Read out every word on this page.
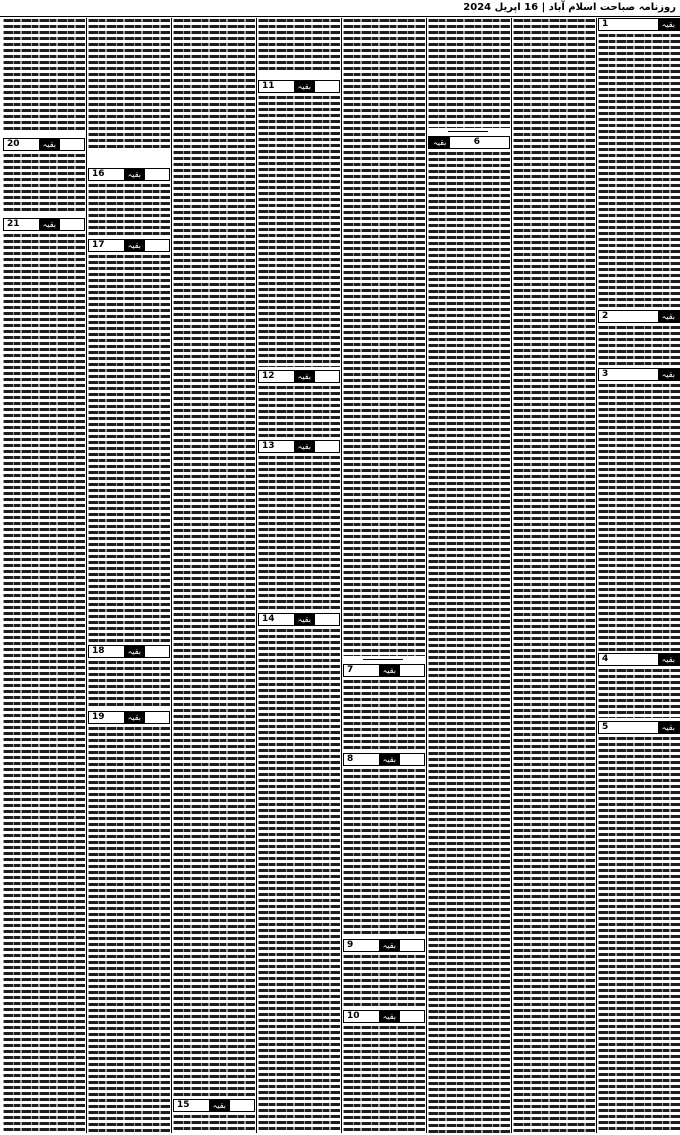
روزنامہ صباحت اسلام آباد | 16 اپریل 2024
1	بقیہ
2	بقیہ
3	بقیہ
4	بقیہ
5	بقیہ
6
بقیہ
7	بقیہ
8	بقیہ
9	بقیہ
10	بقیہ
11	بقیہ
12	بقیہ
13	بقیہ
14	بقیہ
15	بقیہ
16	بقیہ
17	بقیہ
18	بقیہ
19	بقیہ
20	بقیہ
21	بقیہ
